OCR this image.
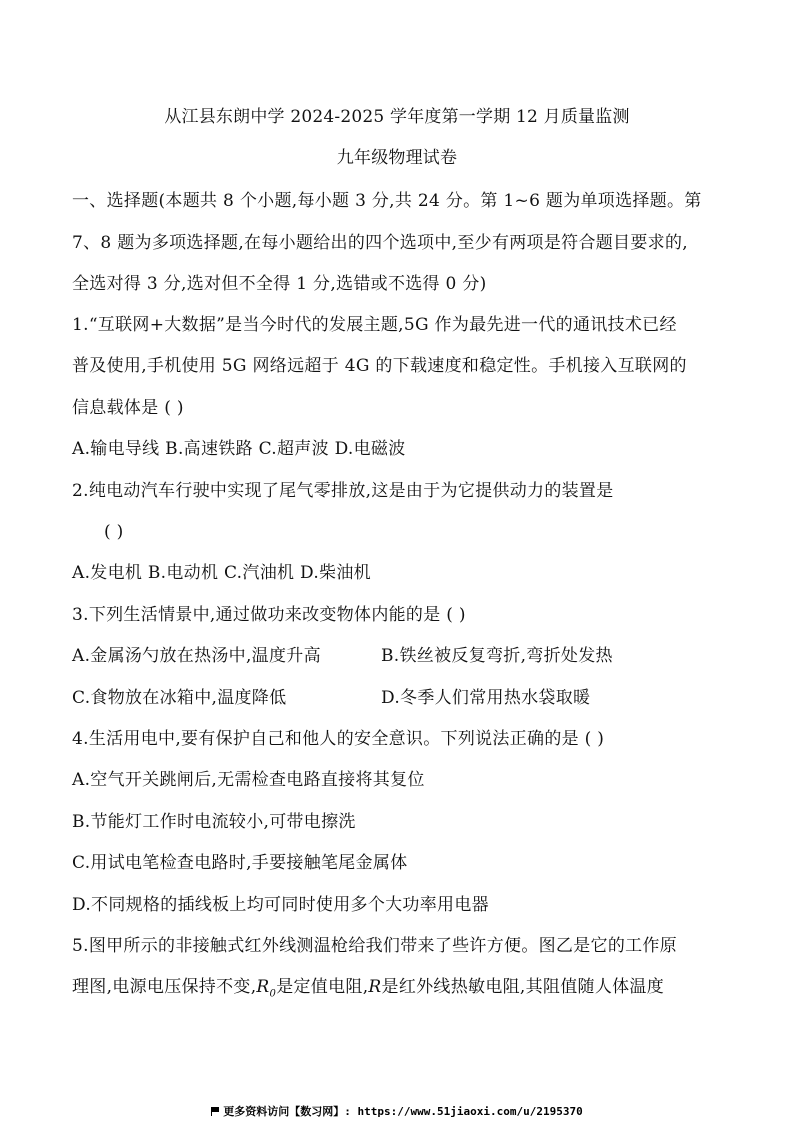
从江县东朗中学 2024-2025 学年度第一学期 12 月质量监测
九年级物理试卷
一、选择题(本题共 8 个小题,每小题 3 分,共 24 分。第 1~6 题为单项选择题。第
7、8 题为多项选择题,在每小题给出的四个选项中,至少有两项是符合题目要求的,
全选对得 3 分,选对但不全得 1 分,选错或不选得 0 分)
1.“互联网+大数据”是当今时代的发展主题,5G 作为最先进一代的通讯技术已经
普及使用,手机使用 5G 网络远超于 4G 的下载速度和稳定性。手机接入互联网的
信息载体是 ( )
A.输电导线 B.高速铁路 C.超声波 D.电磁波
2.纯电动汽车行驶中实现了尾气零排放,这是由于为它提供动力的装置是
( )
A.发电机 B.电动机 C.汽油机 D.柴油机
3.下列生活情景中,通过做功来改变物体内能的是 ( )
A.金属汤勺放在热汤中,温度升高	B.铁丝被反复弯折,弯折处发热
C.食物放在冰箱中,温度降低	D.冬季人们常用热水袋取暖
4.生活用电中,要有保护自己和他人的安全意识。下列说法正确的是 ( )
A.空气开关跳闸后,无需检查电路直接将其复位
B.节能灯工作时电流较小,可带电擦洗
C.用试电笔检查电路时,手要接触笔尾金属体
D.不同规格的插线板上均可同时使用多个大功率用电器
5.图甲所示的非接触式红外线测温枪给我们带来了些许方便。图乙是它的工作原
理图,电源电压保持不变$,R_0$是定值电阻,R是红外线热敏电阻,其阻值随人体温度
更多资料访问【数习网】: https://www.51jiaoxi.com/u/2195370
